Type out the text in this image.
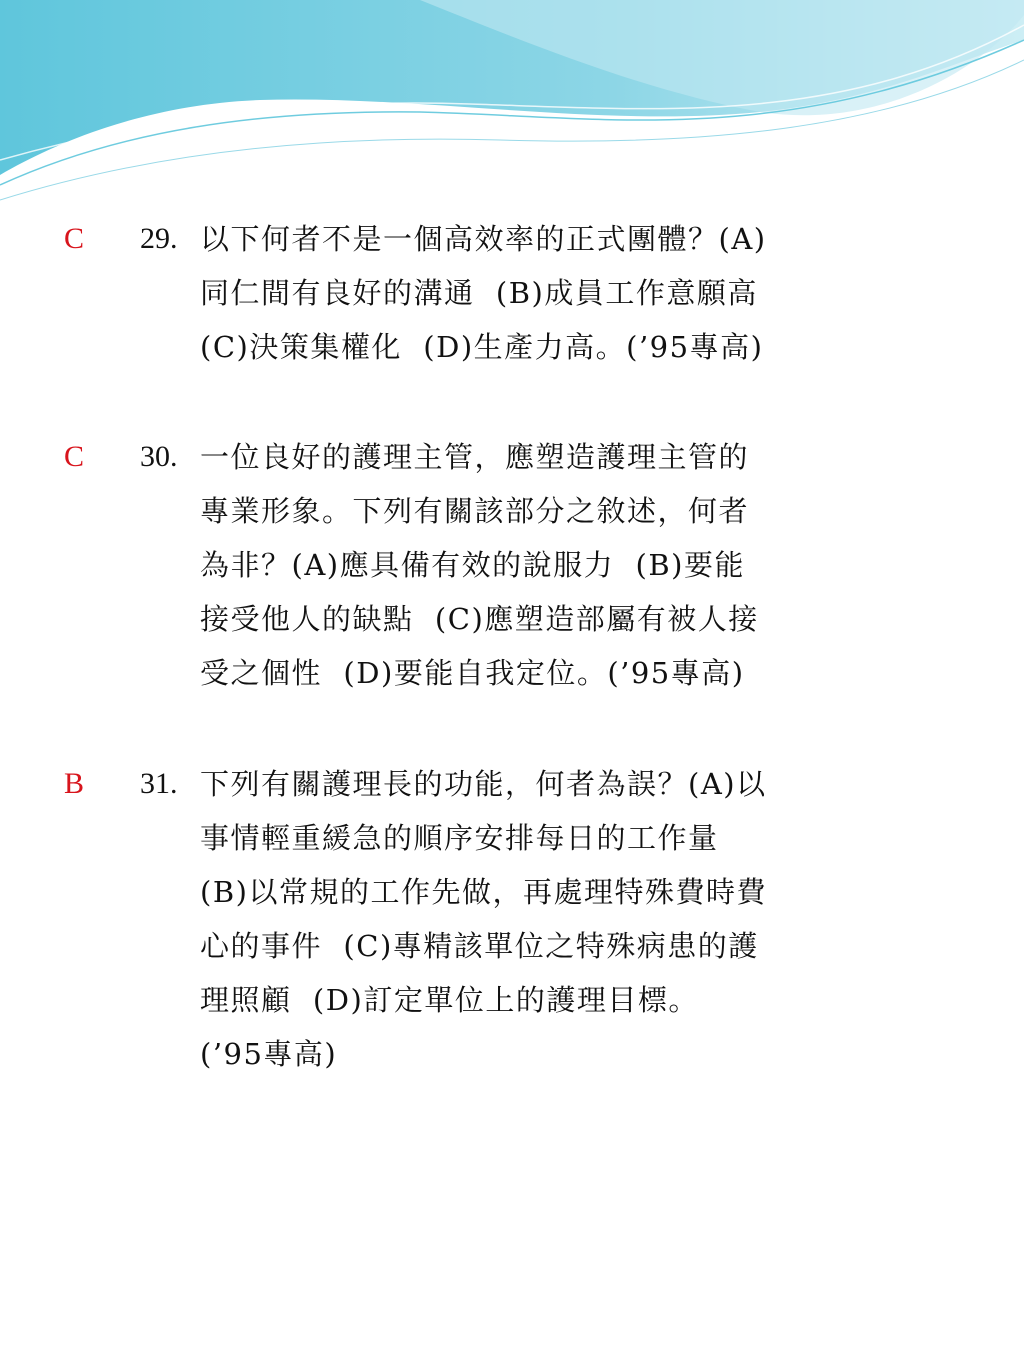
C 29. 以下何者不是一個高效率的正式團體？(A)
同仁間有良好的溝通  (B)成員工作意願高
(C)決策集權化  (D)生產力高。(’95專高)
C 30. 一位良好的護理主管，應塑造護理主管的
專業形象。下列有關該部分之敘述，何者
為非？(A)應具備有效的說服力  (B)要能
接受他人的缺點  (C)應塑造部屬有被人接
受之個性  (D)要能自我定位。(’95專高)
B 31. 下列有關護理長的功能，何者為誤？(A)以
事情輕重緩急的順序安排每日的工作量
(B)以常規的工作先做，再處理特殊費時費
心的事件  (C)專精該單位之特殊病患的護
理照顧  (D)訂定單位上的護理目標。
(’95專高)
